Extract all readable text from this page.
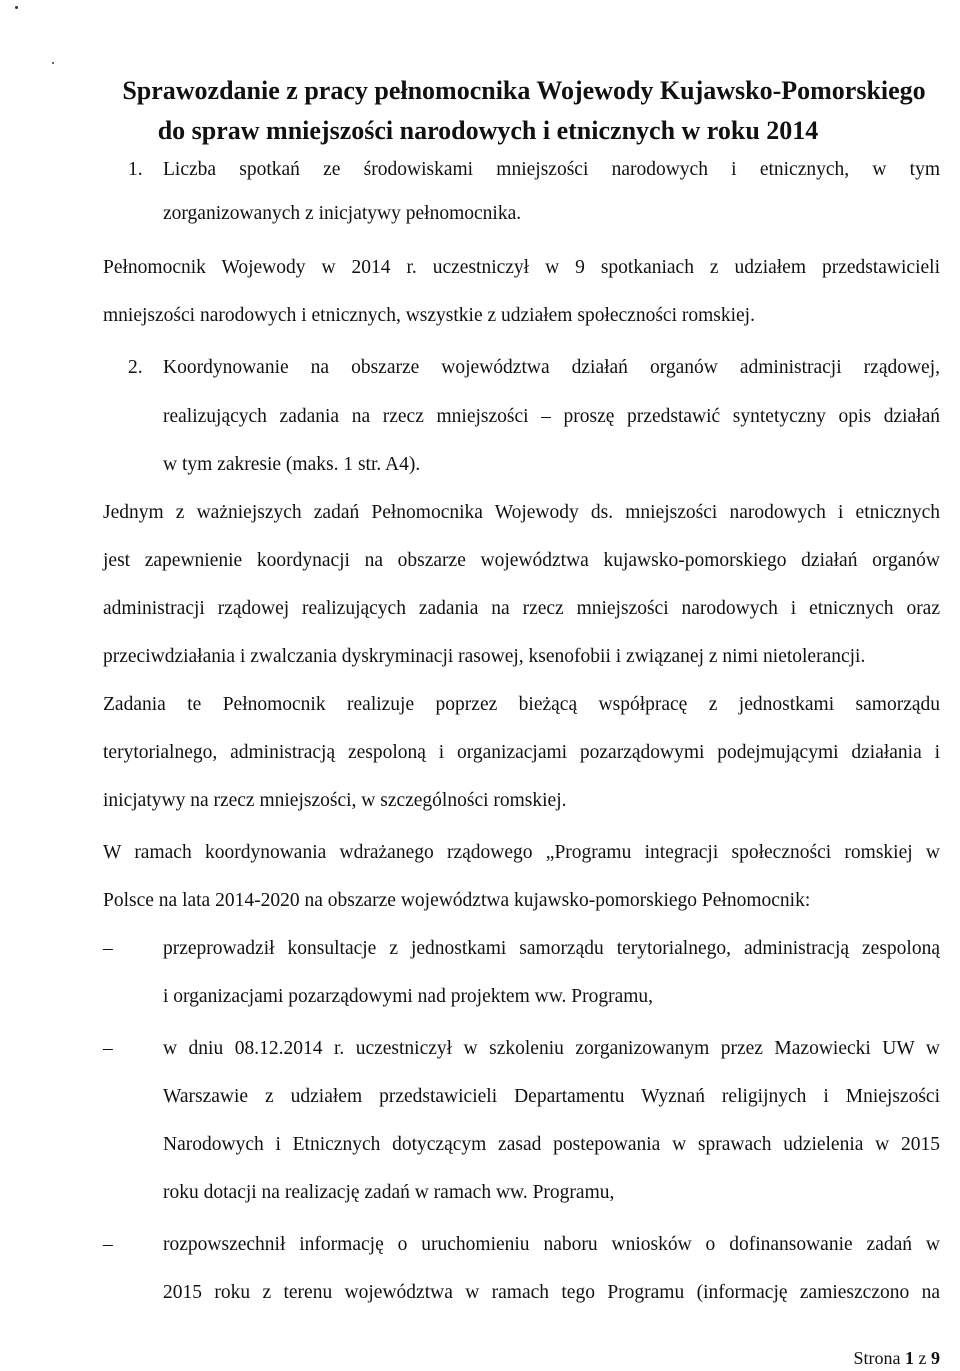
Sprawozdanie z pracy pełnomocnika Wojewody Kujawsko-Pomorskiego
do spraw mniejszości narodowych i etnicznych w roku 2014
1. Liczba spotkań ze środowiskami mniejszości narodowych i etnicznych, w tym
zorganizowanych z inicjatywy pełnomocnika.
Pełnomocnik Wojewody w 2014 r. uczestniczył w 9 spotkaniach z udziałem przedstawicieli
mniejszości narodowych i etnicznych, wszystkie z udziałem społeczności romskiej.
2. Koordynowanie na obszarze województwa działań organów administracji rządowej,
realizujących zadania na rzecz mniejszości – proszę przedstawić syntetyczny opis działań
w tym zakresie (maks. 1 str. A4).
Jednym z ważniejszych zadań Pełnomocnika Wojewody ds. mniejszości narodowych i etnicznych
jest zapewnienie koordynacji na obszarze województwa kujawsko-pomorskiego działań organów
administracji rządowej realizujących zadania na rzecz mniejszości narodowych i etnicznych oraz
przeciwdziałania i zwalczania dyskryminacji rasowej, ksenofobii i związanej z nimi nietolerancji.
Zadania te Pełnomocnik realizuje poprzez bieżącą współpracę z jednostkami samorządu
terytorialnego, administracją zespoloną i organizacjami pozarządowymi podejmującymi działania i
inicjatywy na rzecz mniejszości, w szczególności romskiej.
W ramach koordynowania wdrażanego rządowego „Programu integracji społeczności romskiej w
Polsce na lata 2014-2020 na obszarze województwa kujawsko-pomorskiego Pełnomocnik:
–	przeprowadził konsultacje z jednostkami samorządu terytorialnego, administracją zespoloną
i organizacjami pozarządowymi nad projektem ww. Programu,
–	w dniu 08.12.2014 r. uczestniczył w szkoleniu zorganizowanym przez Mazowiecki UW w
Warszawie z udziałem przedstawicieli Departamentu Wyznań religijnych i Mniejszości
Narodowych i Etnicznych dotyczącym zasad postepowania w sprawach udzielenia w 2015
roku dotacji na realizację zadań w ramach ww. Programu,
–	rozpowszechnił informację o uruchomieniu naboru wniosków o dofinansowanie zadań w
2015 roku z terenu województwa w ramach tego Programu (informację zamieszczono na
Strona 1 z 9
